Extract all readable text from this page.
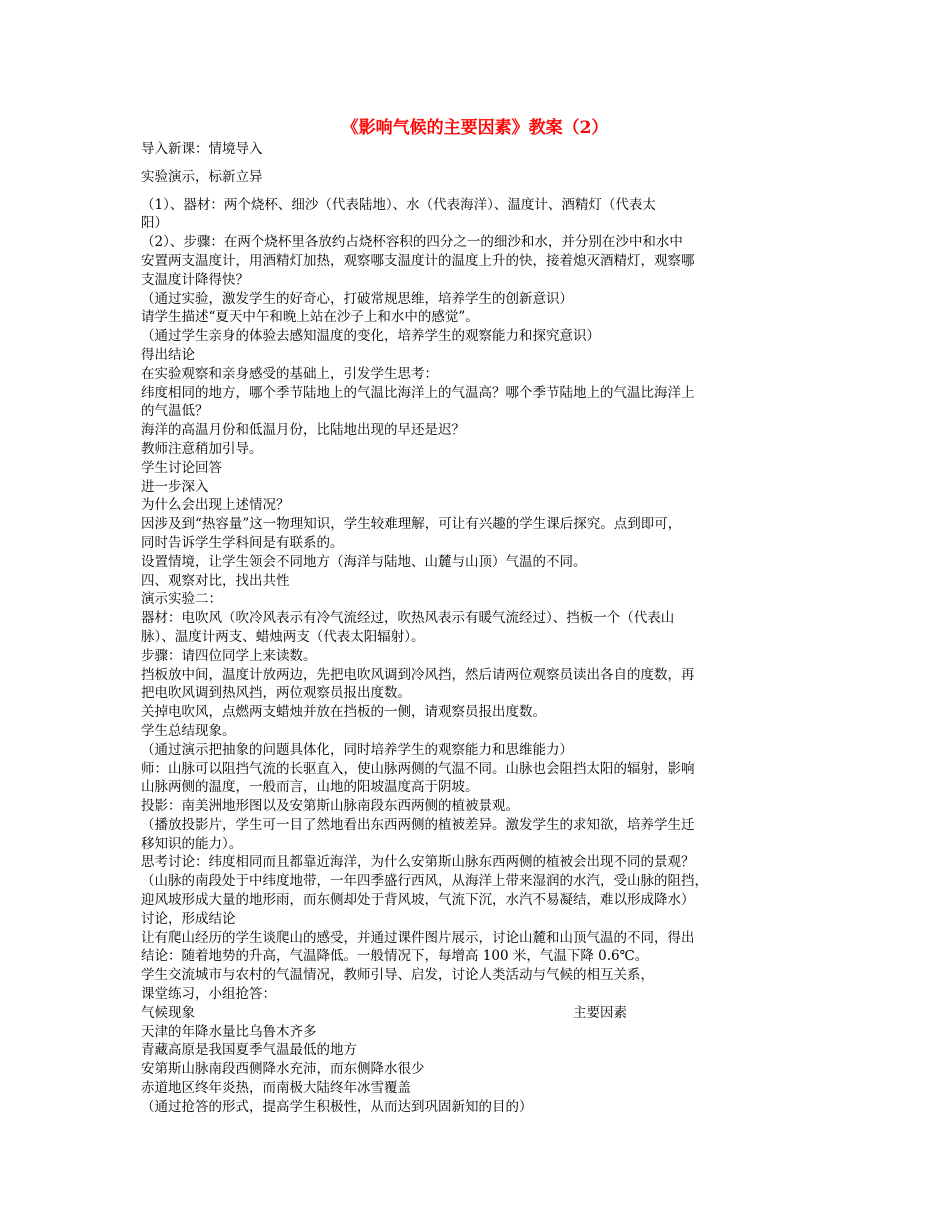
《影响气候的主要因素》教案（2）

导入新课：情境导入

实验演示，标新立异

（1）、器材：两个烧杯、细沙（代表陆地）、水（代表海洋）、温度计、酒精灯（代表太

阳）

（2）、步骤：在两个烧杯里各放约占烧杯容积的四分之一的细沙和水，并分别在沙中和水中

安置两支温度计，用酒精灯加热，观察哪支温度计的温度上升的快，接着熄灭酒精灯，观察哪

支温度计降得快？

（通过实验，激发学生的好奇心，打破常规思维，培养学生的创新意识）

请学生描述“夏天中午和晚上站在沙子上和水中的感觉”。

（通过学生亲身的体验去感知温度的变化，培养学生的观察能力和探究意识）

得出结论

在实验观察和亲身感受的基础上，引发学生思考：

纬度相同的地方，哪个季节陆地上的气温比海洋上的气温高？哪个季节陆地上的气温比海洋上

的气温低？

海洋的高温月份和低温月份，比陆地出现的早还是迟？

教师注意稍加引导。

学生讨论回答

进一步深入

为什么会出现上述情况？

因涉及到“热容量”这一物理知识，学生较难理解，可让有兴趣的学生课后探究。点到即可，

同时告诉学生学科间是有联系的。

设置情境，让学生领会不同地方（海洋与陆地、山麓与山顶）气温的不同。

四、观察对比，找出共性

演示实验二：

器材：电吹风（吹冷风表示有冷气流经过，吹热风表示有暖气流经过）、挡板一个（代表山

脉）、温度计两支、蜡烛两支（代表太阳辐射）。

步骤：请四位同学上来读数。

挡板放中间，温度计放两边，先把电吹风调到冷风挡，然后请两位观察员读出各自的度数，再

把电吹风调到热风挡，两位观察员报出度数。

关掉电吹风，点燃两支蜡烛并放在挡板的一侧，请观察员报出度数。

学生总结现象。

（通过演示把抽象的问题具体化，同时培养学生的观察能力和思维能力）

师：山脉可以阻挡气流的长驱直入，使山脉两侧的气温不同。山脉也会阻挡太阳的辐射，影响

山脉两侧的温度，一般而言，山地的阳坡温度高于阴坡。

投影：南美洲地形图以及安第斯山脉南段东西两侧的植被景观。

（播放投影片，学生可一目了然地看出东西两侧的植被差异。激发学生的求知欲，培养学生迁

移知识的能力）。

思考讨论：纬度相同而且都靠近海洋，为什么安第斯山脉东西两侧的植被会出现不同的景观？

（山脉的南段处于中纬度地带，一年四季盛行西风，从海洋上带来湿润的水汽，受山脉的阻挡，

迎风坡形成大量的地形雨，而东侧却处于背风坡，气流下沉，水汽不易凝结，难以形成降水）

讨论，形成结论

让有爬山经历的学生谈爬山的感受，并通过课件图片展示，讨论山麓和山顶气温的不同，得出

结论：随着地势的升高，气温降低。一般情况下，每增高 100 米，气温下降 0.6℃。

学生交流城市与农村的气温情况，教师引导、启发，讨论人类活动与气候的相互关系，

课堂练习，小组抢答：

气候现象	主要因素

天津的年降水量比乌鲁木齐多

青藏高原是我国夏季气温最低的地方

安第斯山脉南段西侧降水充沛，而东侧降水很少

赤道地区终年炎热，而南极大陆终年冰雪覆盖

（通过抢答的形式，提高学生积极性，从而达到巩固新知的目的）
